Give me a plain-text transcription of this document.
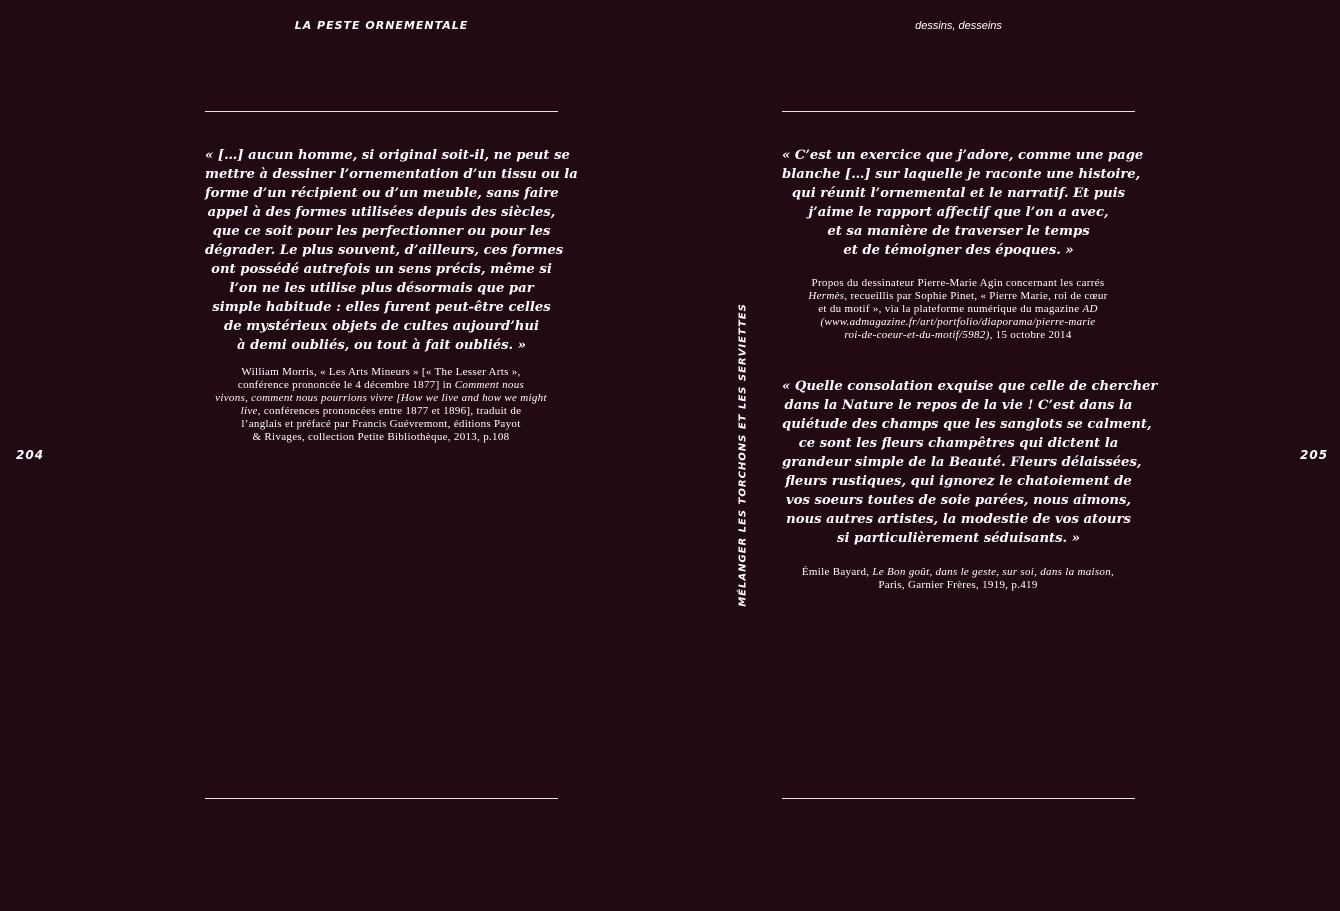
LA PESTE ORNEMENTALE
« […] aucun homme, si original soit-il, ne peut se
mettre à dessiner l’ornementation d’un tissu ou la
forme d’un récipient ou d’un meuble, sans faire
appel à des formes utilisées depuis des siècles,
que ce soit pour les perfectionner ou pour les
dégrader. Le plus souvent, d’ailleurs, ces formes
ont possédé autrefois un sens précis, même si
l’on ne les utilise plus désormais que par
simple habitude : elles furent peut-être celles
de mystérieux objets de cultes aujourd’hui
à demi oubliés, ou tout à fait oubliés. »
William Morris, « Les Arts Mineurs » [« The Lesser Arts »,
conférence prononcée le 4 décembre 1877] in Comment nous
vivons, comment nous pourrions vivre [How we live and how we might
live, conférences prononcées entre 1877 et 1896], traduit de
l’anglais et préfacé par Francis Guévremont, éditions Payot
& Rivages, collection Petite Bibliothèque, 2013, p.108
204	MÉLANGER LES TORCHONS ET LES SERVIETTES
dessins, desseins
« C’est un exercice que j’adore, comme une page
blanche […] sur laquelle je raconte une histoire,
qui réunit l’ornemental et le narratif. Et puis
j’aime le rapport affectif que l’on a avec,
et sa manière de traverser le temps
et de témoigner des époques. »
Propos du dessinateur Pierre-Marie Agin concernant les carrés
Hermès, recueillis par Sophie Pinet, « Pierre Marie, roi de cœur
et du motif », via la plateforme numérique du magazine AD
(www.admagazine.fr/art/portfolio/diaporama/pierre-marie
roi-de-coeur-et-du-motif/5982), 15 octobre 2014
« Quelle consolation exquise que celle de chercher
dans la Nature le repos de la vie ! C’est dans la
quiétude des champs que les sanglots se calment,
ce sont les fleurs champêtres qui dictent la
grandeur simple de la Beauté. Fleurs délaissées,
fleurs rustiques, qui ignorez le chatoiement de
vos soeurs toutes de soie parées, nous aimons,
nous autres artistes, la modestie de vos atours
si particulièrement séduisants. »
Émile Bayard, Le Bon goût, dans le geste, sur soi, dans la maison,
Paris, Garnier Frères, 1919, p.419
205
